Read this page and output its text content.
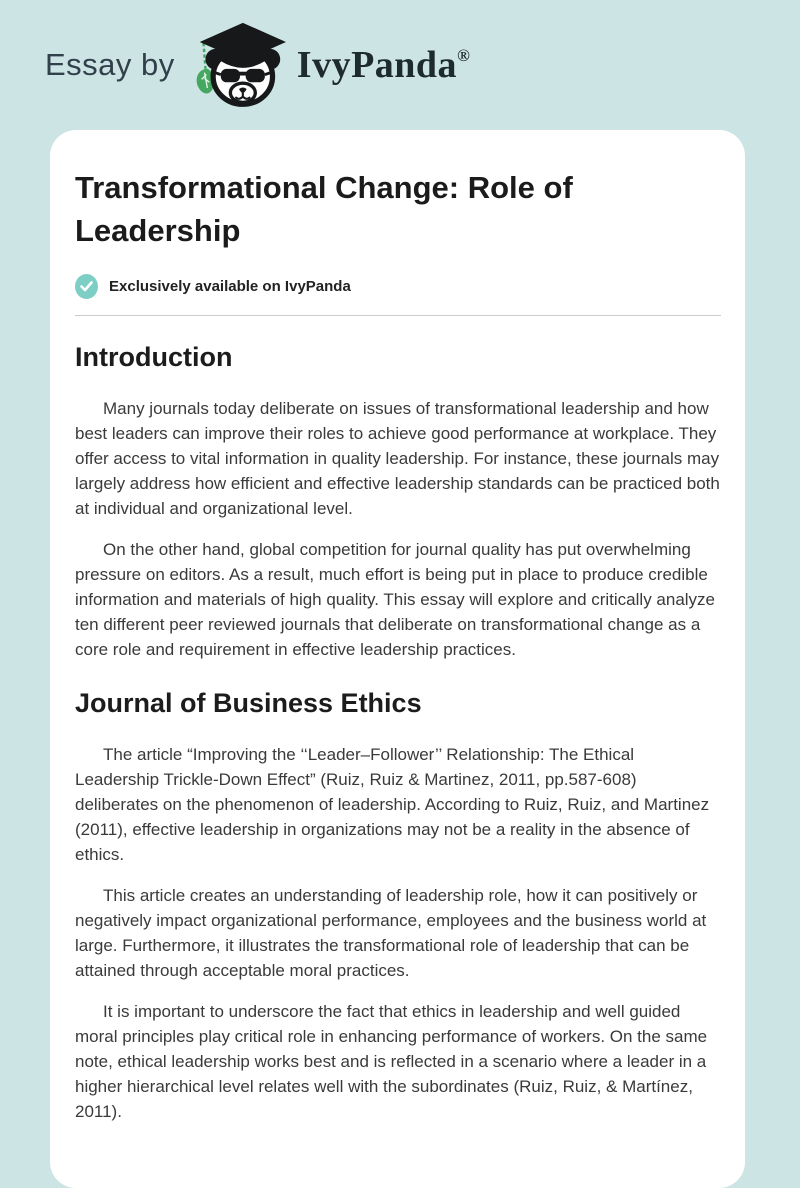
Essay by	IvyPanda®
Transformational Change: Role of Leadership
Exclusively available on IvyPanda
Introduction

Many journals today deliberate on issues of transformational leadership and how best leaders can improve their roles to achieve good performance at workplace. They offer access to vital information in quality leadership. For instance, these journals may largely address how efficient and effective leadership standards can be practiced both at individual and organizational level.

On the other hand, global competition for journal quality has put overwhelming pressure on editors. As a result, much effort is being put in place to produce credible information and materials of high quality. This essay will explore and critically analyze ten different peer reviewed journals that deliberate on transformational change as a core role and requirement in effective leadership practices.

Journal of Business Ethics

The article “Improving the ‘‘Leader–Follower’’ Relationship: The Ethical Leadership Trickle-Down Effect” (Ruiz, Ruiz & Martinez, 2011, pp.587-608) deliberates on the phenomenon of leadership. According to Ruiz, Ruiz, and Martinez (2011), effective leadership in organizations may not be a reality in the absence of ethics.

This article creates an understanding of leadership role, how it can positively or negatively impact organizational performance, employees and the business world at large. Furthermore, it illustrates the transformational role of leadership that can be attained through acceptable moral practices.

It is important to underscore the fact that ethics in leadership and well guided moral principles play critical role in enhancing performance of workers. On the same note, ethical leadership works best and is reflected in a scenario where a leader in a higher hierarchical level relates well with the subordinates (Ruiz, Ruiz, & Martínez, 2011).
